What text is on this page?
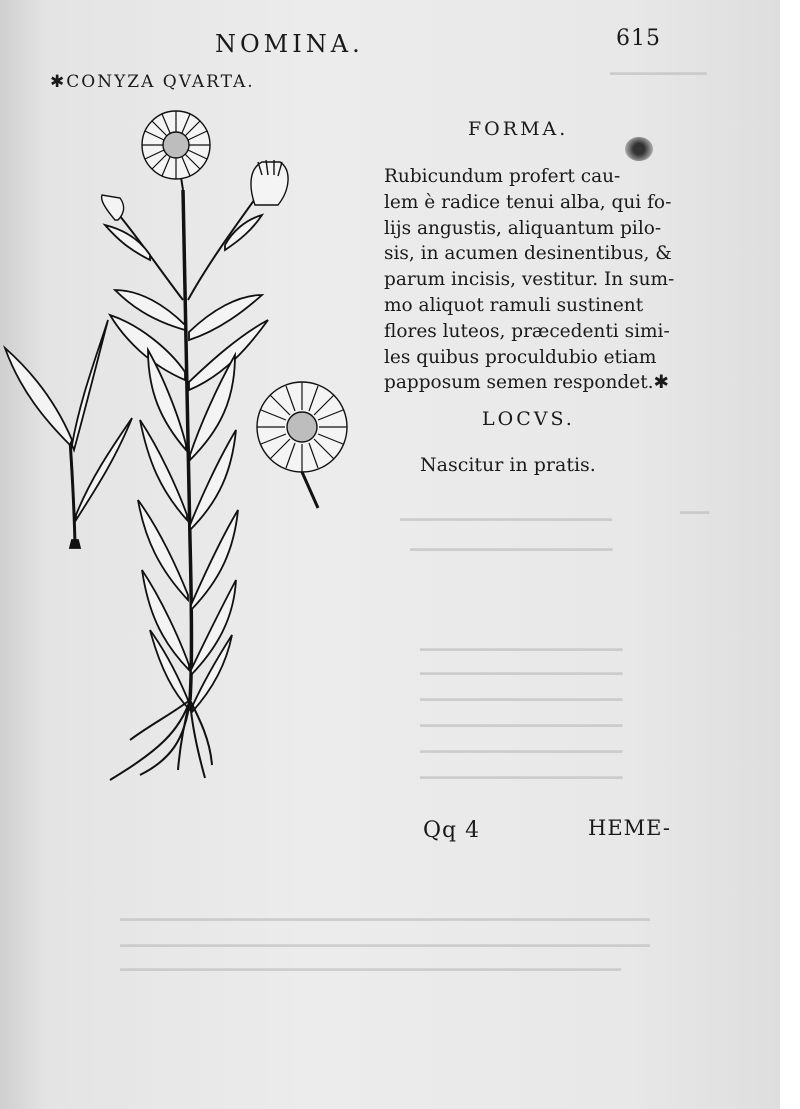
━━━━━━━━━━
━━━
━━━━━━━━━━━━━━━━━━━━━━
━━━━━━━━━━━━━━━━━━━━━
━━━━━━━━━━━━━━━━━━━━━
━━━━━━━━━━━━━━━━━━━━━
━━━━━━━━━━━━━━━━━━━━━
━━━━━━━━━━━━━━━━━━━━━
━━━━━━━━━━━━━━━━━━━━━
━━━━━━━━━━━━━━━━━━━━━
━━━━━━━━━━━━━━━━━━━━━━━━━━━━━━━━━━━━━━━━━━━━━━━━━━━━━━━
━━━━━━━━━━━━━━━━━━━━━━━━━━━━━━━━━━━━━━━━━━━━━━━━━━━━━━━
━━━━━━━━━━━━━━━━━━━━━━━━━━━━━━━━━━━━━━━━━━━━━━━━━━━━
NOMINA.	615
✱CONYZA QVARTA.
FORMA.
Rubicundum profert cau-
lem è radice tenui alba, qui fo-
lijs angustis, aliquantum pilo-
sis, in acumen desinentibus, &
parum incisis, vestitur. In sum-
mo aliquot ramuli sustinent
flores luteos, præcedenti simi-
les quibus proculdubio etiam
papposum semen respondet.✱
LOCVS.
Nascitur in pratis.
Qq 4	HEME-
